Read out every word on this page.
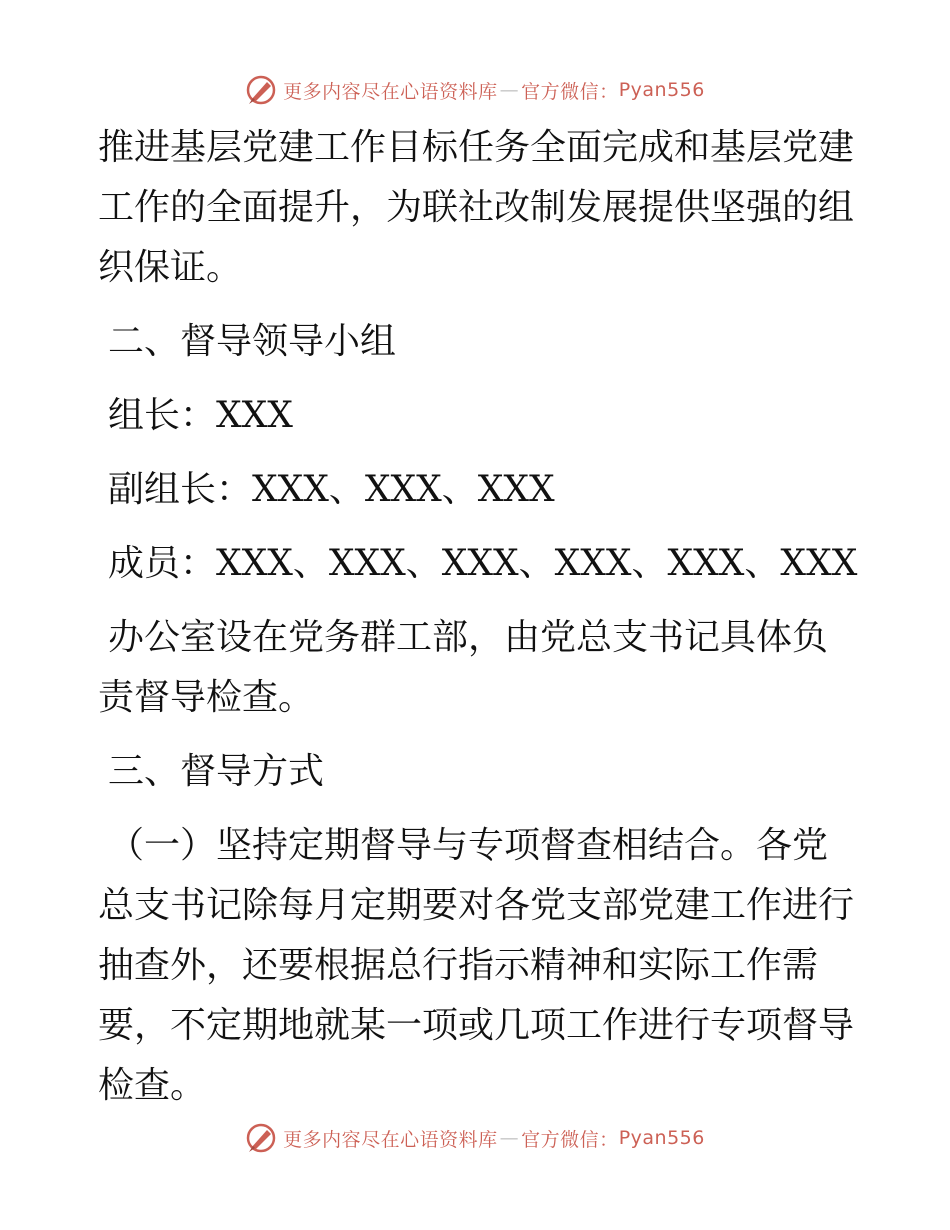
更多内容尽在心语资料库 — 官方微信： Pyan556

推进基层党建工作目标任务全面完成和基层党建工作的全面提升，为联社改制发展提供坚强的组织保证。

二、督导领导小组

组长：XXX

副组长：XXX、XXX、XXX

成员：XXX、XXX、XXX、XXX、XXX、XXX

办公室设在党务群工部，由党总支书记具体负责督导检查。

三、督导方式

（一）坚持定期督导与专项督查相结合。各党总支书记除每月定期要对各党支部党建工作进行抽查外，还要根据总行指示精神和实际工作需要，不定期地就某一项或几项工作进行专项督导检查。

更多内容尽在心语资料库 — 官方微信： Pyan556
